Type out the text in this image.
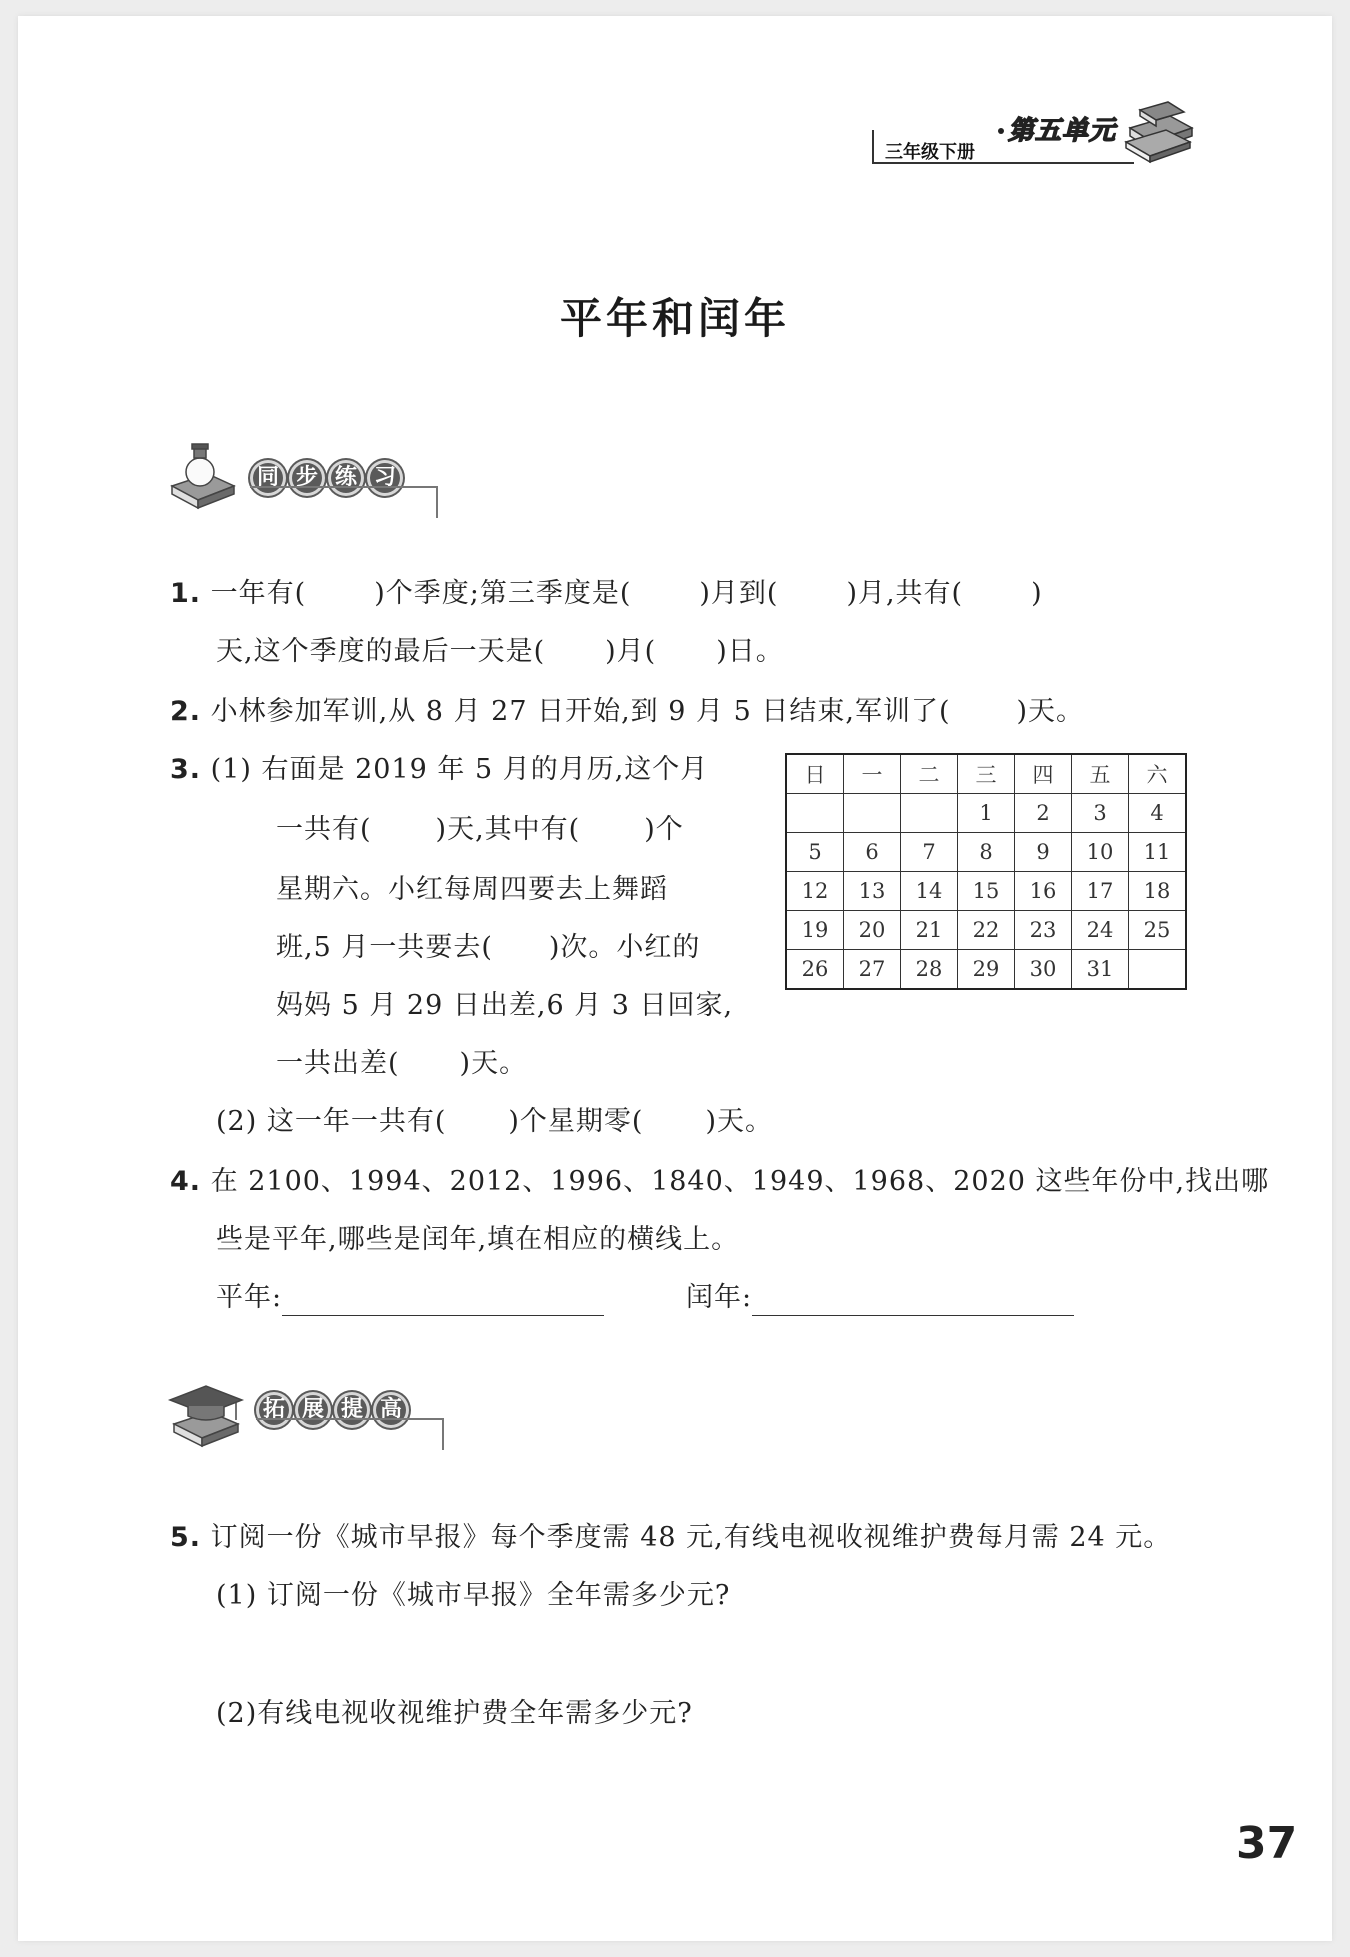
三年级下册
第五单元
平年和闰年
同 步 练 习
1. 一年有(	)个季度;第三季度是(	)月到(	)月,共有(	)
天,这个季度的最后一天是( )月( )日。
2. 小林参加军训,从 8 月 27 日开始,到 9 月 5 日结束,军训了( )天。
3. (1) 右面是 2019 年 5 月的月历,这个月
一共有( )天,其中有( )个
星期六。小红每周四要去上舞蹈
班,5 月一共要去( )次。小红的
妈妈 5 月 29 日出差,6 月 3 日回家,
一共出差( )天。
(2) 这一年一共有( )个星期零( )天。
日	一	二	三	四	五	六
			1	2	3	4
5	6	7	8	9	10	11
12	13	14	15	16	17	18
19	20	21	22	23	24	25
26	27	28	29	30	31	
4. 在 2100、1994、2012、1996、1840、1949、1968、2020 这些年份中,找出哪
些是平年,哪些是闰年,填在相应的横线上。
平年:	闰年:
拓 展 提 高
5. 订阅一份《城市早报》每个季度需 48 元,有线电视收视维护费每月需 24 元。
(1) 订阅一份《城市早报》全年需多少元?
(2)有线电视收视维护费全年需多少元?
37
